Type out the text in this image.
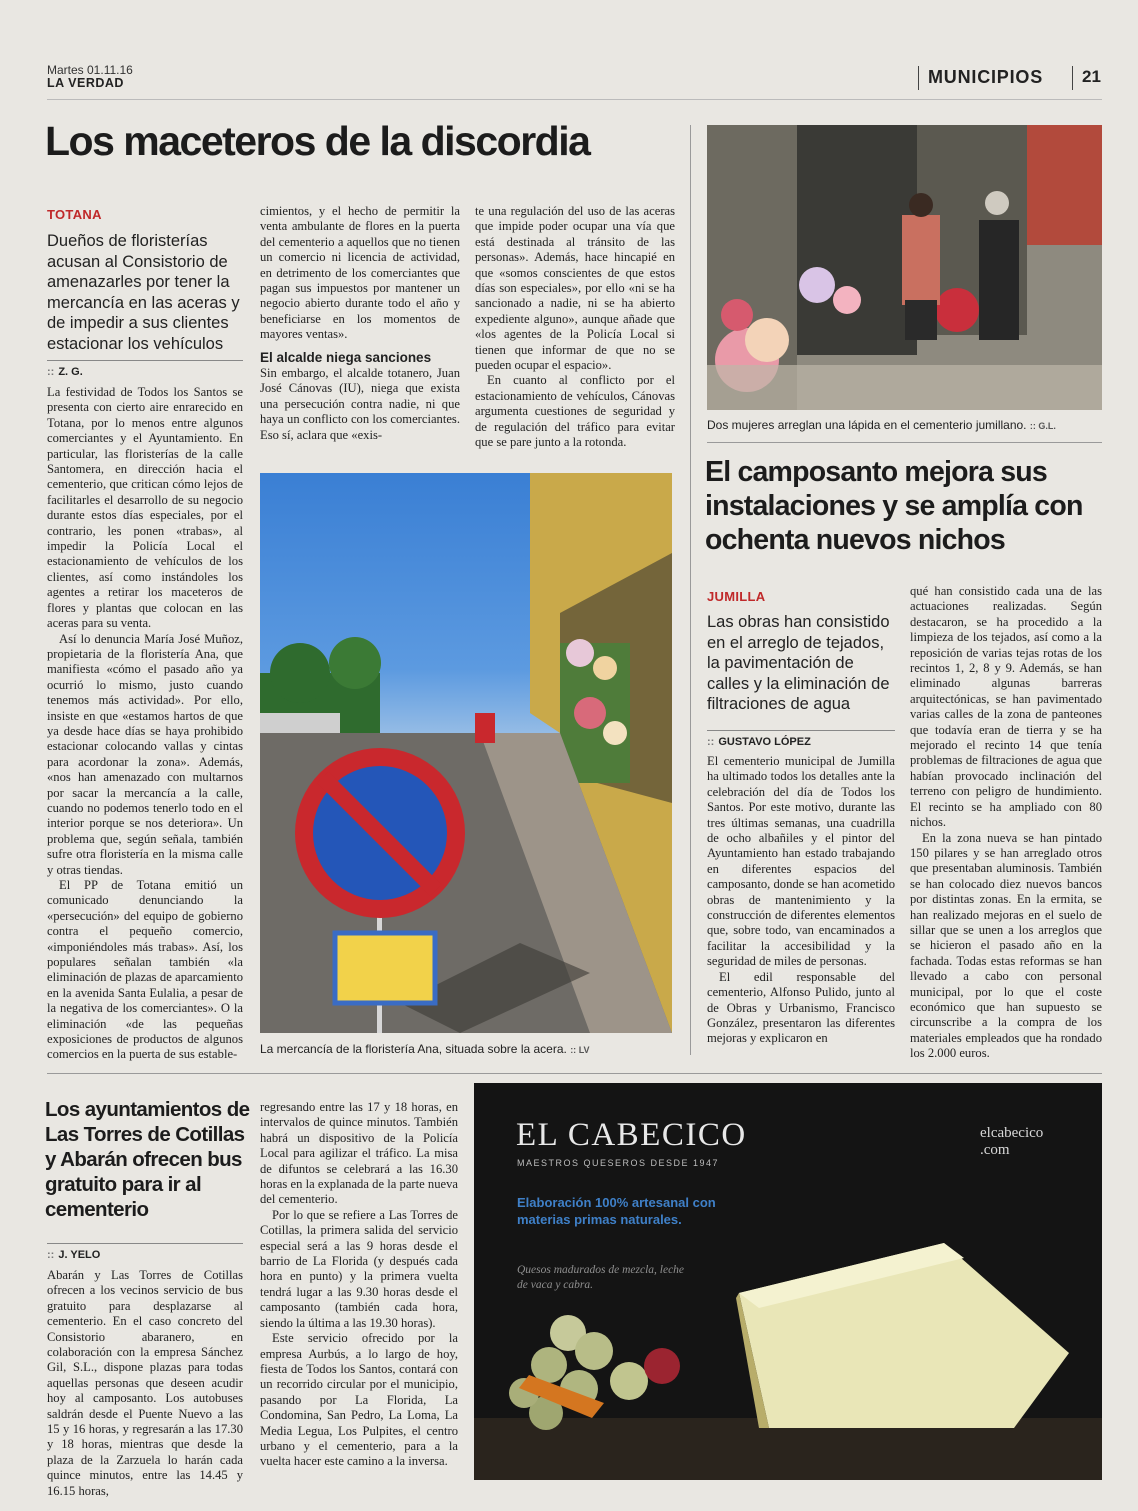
Martes 01.11.16
LA VERDAD	MUNICIPIOS 21
Los maceteros de la discordia
TOTANA
Dueños de floristerías acusan al Consistorio de amenazarles por tener la mercancía en las aceras y de impedir a sus clientes estacionar los vehículos
:: Z. G.

La festividad de Todos los Santos se presenta con cierto aire enrarecido en Totana, por lo menos entre algunos comerciantes y el Ayuntamiento. En particular, las floristerías de la calle Santomera, en dirección hacia el cementerio, que critican cómo lejos de facilitarles el desarrollo de su negocio durante estos días especiales, por el contrario, les ponen «trabas», al impedir la Policía Local el estacionamiento de vehículos de los clientes, así como instándoles los agentes a retirar los maceteros de flores y plantas que colocan en las aceras para su venta.

Así lo denuncia María José Muñoz, propietaria de la floristería Ana, que manifiesta «cómo el pasado año ya ocurrió lo mismo, justo cuando tenemos más actividad». Por ello, insiste en que «estamos hartos de que ya desde hace días se haya prohibido estacionar colocando vallas y cintas para acordonar la zona». Además, «nos han amenazado con multarnos por sacar la mercancía a la calle, cuando no podemos tenerlo todo en el interior porque se nos deteriora». Un problema que, según señala, también sufre otra floristería en la misma calle y otras tiendas.

El PP de Totana emitió un comunicado denunciando la «persecución» del equipo de gobierno contra el pequeño comercio, «imponiéndoles más trabas». Así, los populares señalan también «la eliminación de plazas de aparcamiento en la avenida Santa Eulalia, a pesar de la negativa de los comerciantes». O la eliminación «de las pequeñas exposiciones de productos de algunos comercios en la puerta de sus estable-

cimientos, y el hecho de permitir la venta ambulante de flores en la puerta del cementerio a aquellos que no tienen un comercio ni licencia de actividad, en detrimento de los comerciantes que pagan sus impuestos por mantener un negocio abierto durante todo el año y beneficiarse en los momentos de mayores ventas».

El alcalde niega sanciones

Sin embargo, el alcalde totanero, Juan José Cánovas (IU), niega que exista una persecución contra nadie, ni que haya un conflicto con los comerciantes. Eso sí, aclara que «exis-

te una regulación del uso de las aceras que impide poder ocupar una vía que está destinada al tránsito de las personas». Además, hace hincapié en que «somos conscientes de que estos días son especiales», por ello «ni se ha sancionado a nadie, ni se ha abierto expediente alguno», aunque añade que «los agentes de la Policía Local si tienen que informar de que no se pueden ocupar el espacio».

En cuanto al conflicto por el estacionamiento de vehículos, Cánovas argumenta cuestiones de seguridad y de regulación del tráfico para evitar que se pare junto a la rotonda.

La mercancía de la floristería Ana, situada sobre la acera. :: LV
Dos mujeres arreglan una lápida en el cementerio jumillano. :: G.L.
El camposanto mejora sus instalaciones y se amplía con ochenta nuevos nichos
JUMILLA
Las obras han consistido en el arreglo de tejados, la pavimentación de calles y la eliminación de filtraciones de agua
:: GUSTAVO LÓPEZ

El cementerio municipal de Jumilla ha ultimado todos los detalles ante la celebración del día de Todos los Santos. Por este motivo, durante las tres últimas semanas, una cuadrilla de ocho albañiles y el pintor del Ayuntamiento han estado trabajando en diferentes espacios del camposanto, donde se han acometido obras de mantenimiento y la construcción de diferentes elementos que, sobre todo, van encaminados a facilitar la accesibilidad y la seguridad de miles de personas.

El edil responsable del cementerio, Alfonso Pulido, junto al de Obras y Urbanismo, Francisco González, presentaron las diferentes mejoras y explicaron en

qué han consistido cada una de las actuaciones realizadas. Según destacaron, se ha procedido a la limpieza de los tejados, así como a la reposición de varias tejas rotas de los recintos 1, 2, 8 y 9. Además, se han eliminado algunas barreras arquitectónicas, se han pavimentado varias calles de la zona de panteones que todavía eran de tierra y se ha mejorado el recinto 14 que tenía problemas de filtraciones de agua que habían provocado inclinación del terreno con peligro de hundimiento. El recinto se ha ampliado con 80 nichos.

En la zona nueva se han pintado 150 pilares y se han arreglado otros que presentaban aluminosis. También se han colocado diez nuevos bancos por distintas zonas. En la ermita, se han realizado mejoras en el suelo de sillar que se unen a los arreglos que se hicieron el pasado año en la fachada. Todas estas reformas se han llevado a cabo con personal municipal, por lo que el coste económico que han supuesto se circunscribe a la compra de los materiales empleados que ha rondado los 2.000 euros.

Los ayuntamientos de Las Torres de Cotillas y Abarán ofrecen bus gratuito para ir al cementerio
:: J. YELO

Abarán y Las Torres de Cotillas ofrecen a los vecinos servicio de bus gratuito para desplazarse al cementerio. En el caso concreto del Consistorio abaranero, en colaboración con la empresa Sánchez Gil, S.L., dispone plazas para todas aquellas personas que deseen acudir hoy al camposanto. Los autobuses saldrán desde el Puente Nuevo a las 15 y 16 horas, y regresarán a las 17.30 y 18 horas, mientras que desde la plaza de la Zarzuela lo harán cada quince minutos, entre las 14.45 y 16.15 horas,

regresando entre las 17 y 18 horas, en intervalos de quince minutos. También habrá un dispositivo de la Policía Local para agilizar el tráfico. La misa de difuntos se celebrará a las 16.30 horas en la explanada de la parte nueva del cementerio.

Por lo que se refiere a Las Torres de Cotillas, la primera salida del servicio especial será a las 9 horas desde el barrio de La Florida (y después cada hora en punto) y la primera vuelta tendrá lugar a las 9.30 horas desde el camposanto (también cada hora, siendo la última a las 19.30 horas).

Este servicio ofrecido por la empresa Aurbús, a lo largo de hoy, fiesta de Todos los Santos, contará con un recorrido circular por el municipio, pasando por La Florida, La Condomina, San Pedro, La Loma, La Media Legua, Los Pulpites, el centro urbano y el cementerio, para a la vuelta hacer este camino a la inversa.

EL CABECICO
MAESTROS QUESEROS DESDE 1947
elcabecico
.com
Elaboración 100% artesanal con materias primas naturales.
Quesos madurados de mezcla, leche de vaca y cabra.
